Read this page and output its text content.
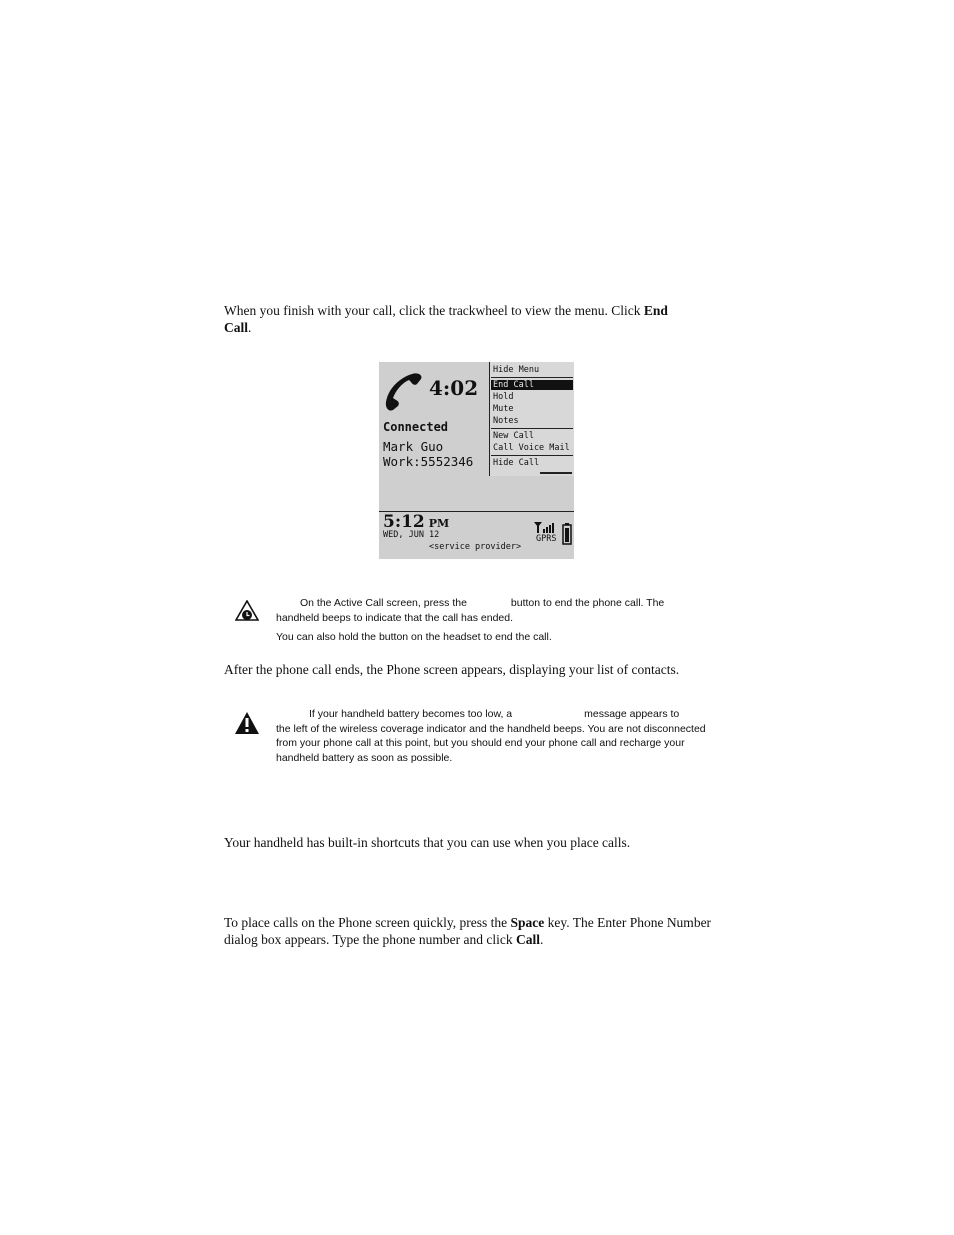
When you finish with your call, click the trackwheel to view the menu. Click End
Call.
4:02
Connected
Mark Guo
Work:5552346
Hide Menu
End Call
Hold
Mute
Notes
New Call
Call Voice Mail
Hide Call
5:12 PM
WED, JUN 12
<service provider>
GPRS
On the Active Call screen, press the	button to end the phone call. The
handheld beeps to indicate that the call has ended.
You can also hold the button on the headset to end the call.
After the phone call ends, the Phone screen appears, displaying your list of contacts.
If your handheld battery becomes too low, a	message appears to
the left of the wireless coverage indicator and the handheld beeps. You are not disconnected from your phone call at this point, but you should end your phone call and recharge your handheld battery as soon as possible.
Your handheld has built-in shortcuts that you can use when you place calls.
To place calls on the Phone screen quickly, press the Space key. The Enter Phone Number dialog box appears. Type the phone number and click Call.
